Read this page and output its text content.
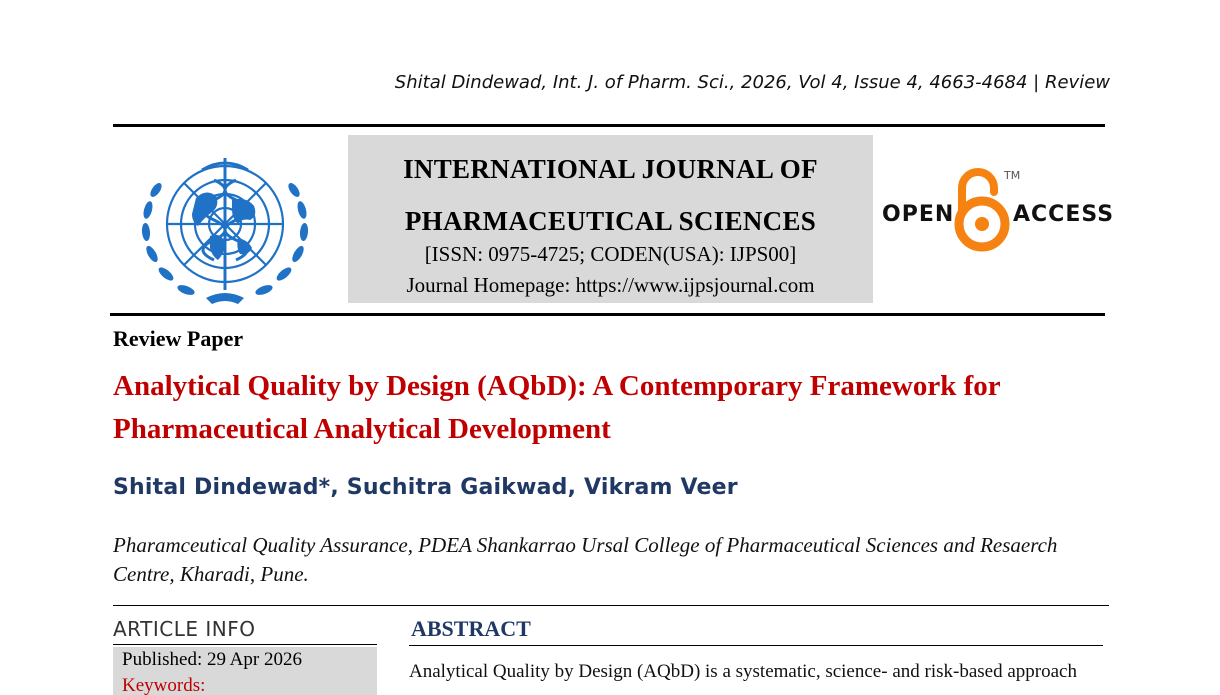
Shital Dindewad, Int. J. of Pharm. Sci., 2026, Vol 4, Issue 4, 4663-4684 | Review
INTERNATIONAL JOURNAL OF
PHARMACEUTICAL SCIENCES
[ISSN: 0975-4725; CODEN(USA): IJPS00]
Journal Homepage: https://www.ijpsjournal.com
OPEN
TM
ACCESS
Review Paper
Analytical Quality by Design (AQbD): A Contemporary Framework for Pharmaceutical Analytical Development
Shital Dindewad*, Suchitra Gaikwad, Vikram Veer
Pharamceutical Quality Assurance, PDEA Shankarrao Ursal College of Pharmaceutical Sciences and Resaerch Centre, Kharadi, Pune.
ARTICLE INFO
Published: 29 Apr 2026
Keywords:
ABSTRACT
Analytical Quality by Design (AQbD) is a systematic, science- and risk-based approach
